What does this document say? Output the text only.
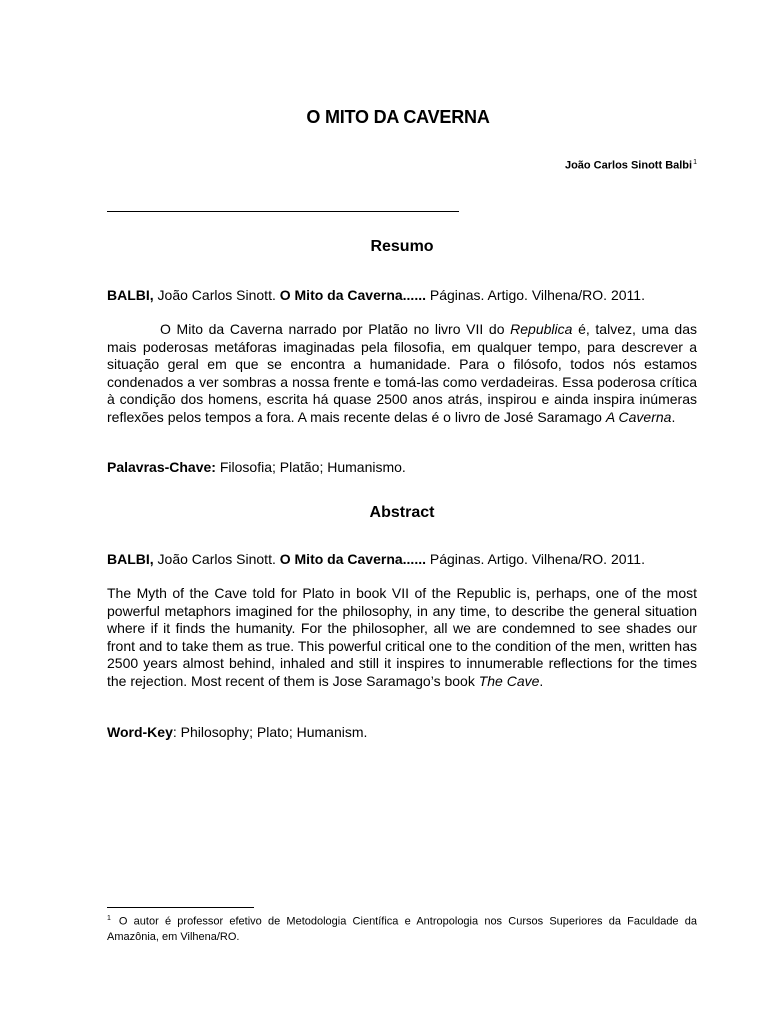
O MITO DA CAVERNA
João Carlos Sinott Balbi$^1$
Resumo
BALBI, João Carlos Sinott. O Mito da Caverna...... Páginas. Artigo. Vilhena/RO. 2011.
O Mito da Caverna narrado por Platão no livro VII do Republica é, talvez, uma das mais poderosas metáforas imaginadas pela filosofia, em qualquer tempo, para descrever a situação geral em que se encontra a humanidade. Para o filósofo, todos nós estamos condenados a ver sombras a nossa frente e tomá-las como verdadeiras. Essa poderosa crítica à condição dos homens, escrita há quase 2500 anos atrás, inspirou e ainda inspira inúmeras reflexões pelos tempos a fora. A mais recente delas é o livro de José Saramago A Caverna.
Palavras-Chave: Filosofia; Platão; Humanismo.
Abstract
BALBI, João Carlos Sinott. O Mito da Caverna...... Páginas. Artigo. Vilhena/RO. 2011.
The Myth of the Cave told for Plato in book VII of the Republic is, perhaps, one of the most powerful metaphors imagined for the philosophy, in any time, to describe the general situation where if it finds the humanity. For the philosopher, all we are condemned to see shades our front and to take them as true. This powerful critical one to the condition of the men, written has 2500 years almost behind, inhaled and still it inspires to innumerable reflections for the times the rejection. Most recent of them is Jose Saramago’s book The Cave.
Word-Key: Philosophy; Plato; Humanism.
$^1$ O autor é professor efetivo de Metodologia Científica e Antropologia nos Cursos Superiores da Faculdade da Amazônia, em Vilhena/RO.
